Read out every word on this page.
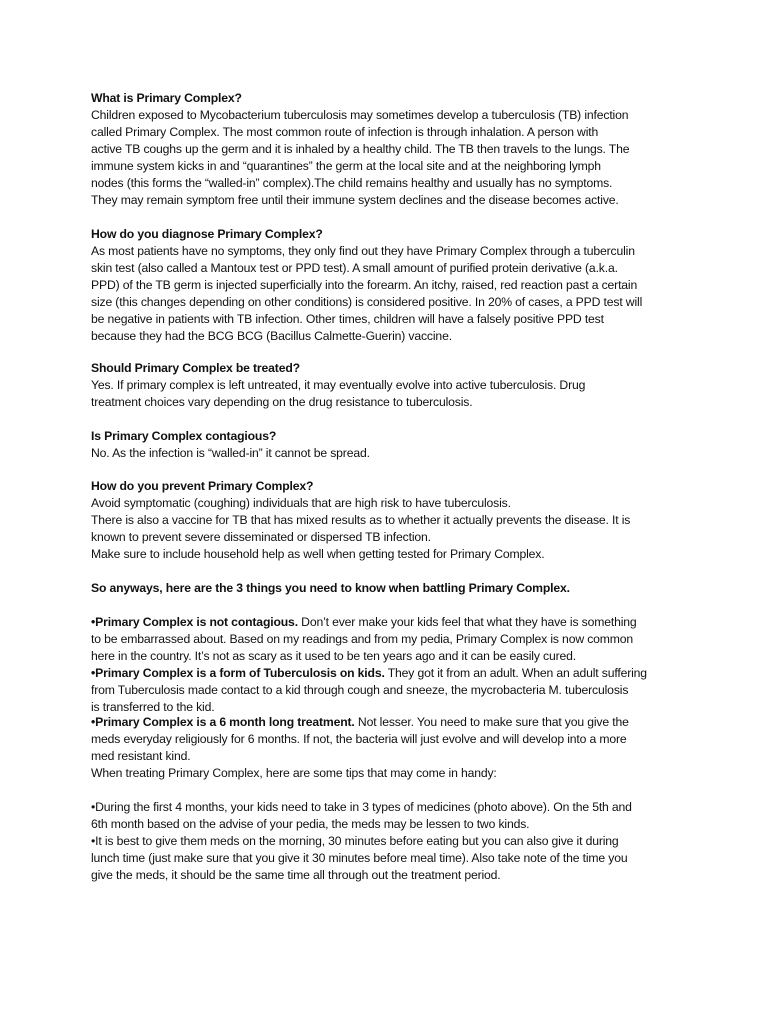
What is Primary Complex?
Children exposed to Mycobacterium tuberculosis may sometimes develop a tuberculosis (TB) infection
called Primary Complex. The most common route of infection is through inhalation. A person with
active TB coughs up the germ and it is inhaled by a healthy child. The TB then travels to the lungs. The
immune system kicks in and “quarantines” the germ at the local site and at the neighboring lymph
nodes (this forms the “walled-in” complex).The child remains healthy and usually has no symptoms.
They may remain symptom free until their immune system declines and the disease becomes active.
How do you diagnose Primary Complex?
As most patients have no symptoms, they only find out they have Primary Complex through a tuberculin
skin test (also called a Mantoux test or PPD test). A small amount of purified protein derivative (a.k.a.
PPD) of the TB germ is injected superficially into the forearm. An itchy, raised, red reaction past a certain
size (this changes depending on other conditions) is considered positive. In 20% of cases, a PPD test will
be negative in patients with TB infection. Other times, children will have a falsely positive PPD test
because they had the BCG BCG (Bacillus Calmette-Guerin) vaccine.
Should Primary Complex be treated?
Yes. If primary complex is left untreated, it may eventually evolve into active tuberculosis. Drug
treatment choices vary depending on the drug resistance to tuberculosis.
Is Primary Complex contagious?
No. As the infection is “walled-in” it cannot be spread.
How do you prevent Primary Complex?
Avoid symptomatic (coughing) individuals that are high risk to have tuberculosis.
There is also a vaccine for TB that has mixed results as to whether it actually prevents the disease. It is
known to prevent severe disseminated or dispersed TB infection.
Make sure to include household help as well when getting tested for Primary Complex.
So anyways, here are the 3 things you need to know when battling Primary Complex.
•Primary Complex is not contagious. Don’t ever make your kids feel that what they have is something
to be embarrassed about. Based on my readings and from my pedia, Primary Complex is now common
here in the country. It’s not as scary as it used to be ten years ago and it can be easily cured.
•Primary Complex is a form of Tuberculosis on kids. They got it from an adult. When an adult suffering
from Tuberculosis made contact to a kid through cough and sneeze, the mycrobacteria M. tuberculosis
is transferred to the kid.
•Primary Complex is a 6 month long treatment. Not lesser. You need to make sure that you give the
meds everyday religiously for 6 months. If not, the bacteria will just evolve and will develop into a more
med resistant kind.
When treating Primary Complex, here are some tips that may come in handy:
•During the first 4 months, your kids need to take in 3 types of medicines (photo above). On the 5th and
6th month based on the advise of your pedia, the meds may be lessen to two kinds.
•It is best to give them meds on the morning, 30 minutes before eating but you can also give it during
lunch time (just make sure that you give it 30 minutes before meal time). Also take note of the time you
give the meds, it should be the same time all through out the treatment period.
